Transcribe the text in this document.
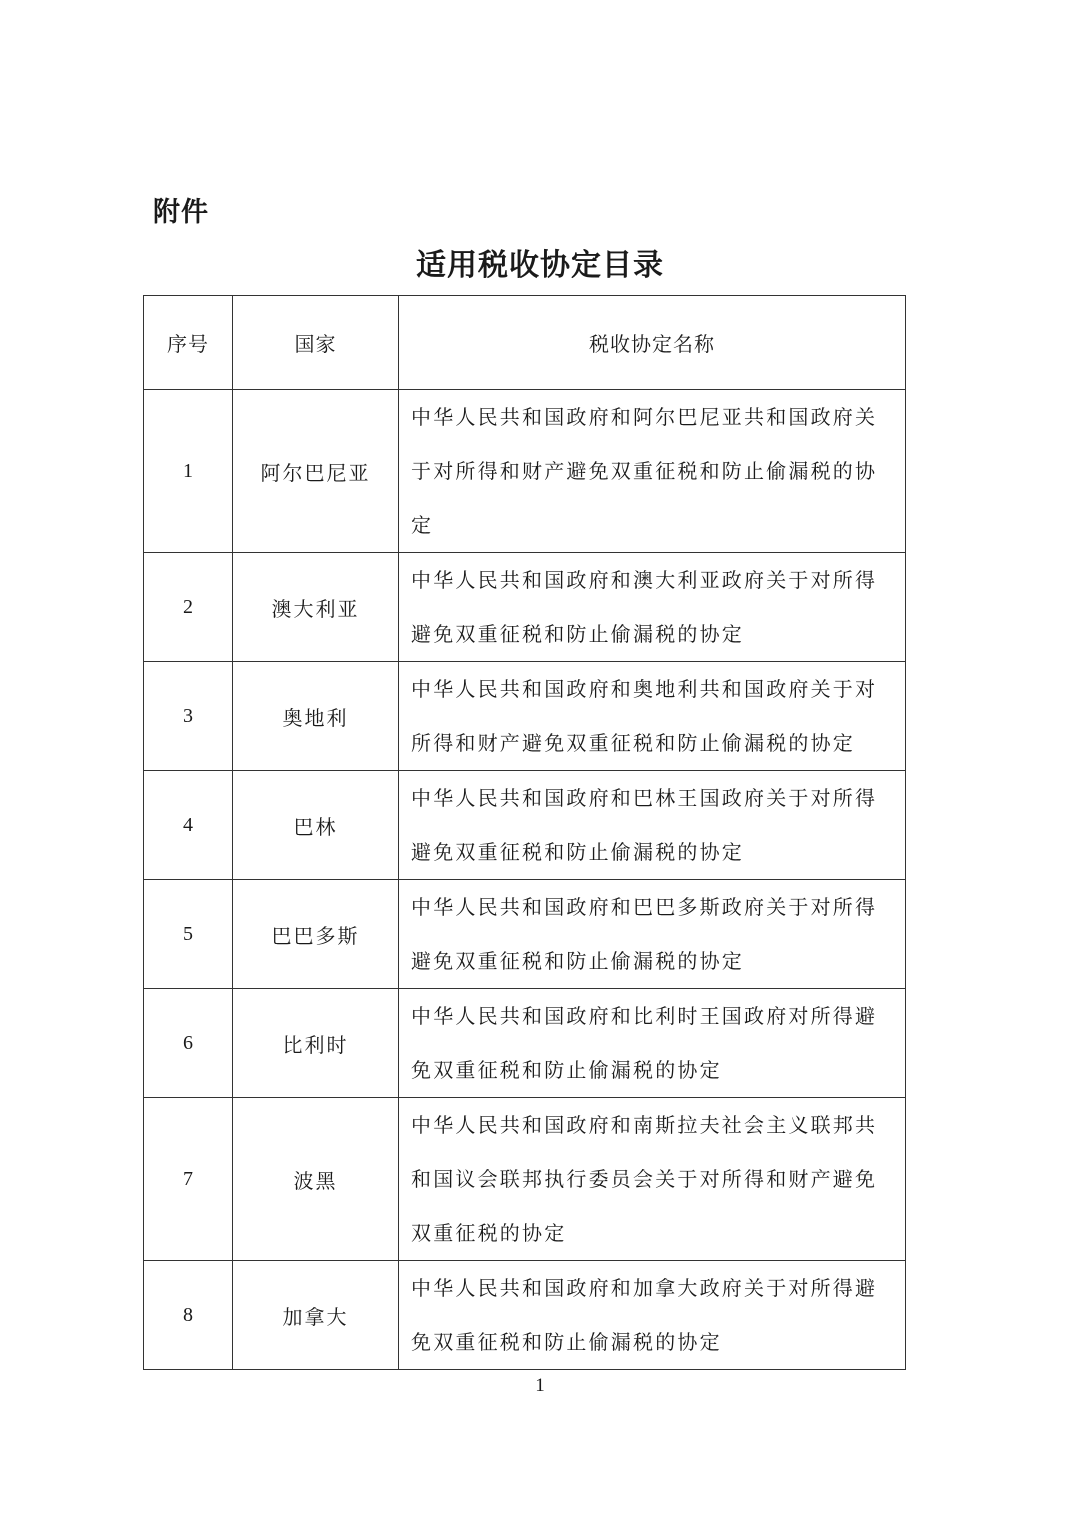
附件
适用税收协定目录
序号	国家	税收协定名称
1	阿尔巴尼亚	中华人民共和国政府和阿尔巴尼亚共和国政府关于对所得和财产避免双重征税和防止偷漏税的协定
2	澳大利亚	中华人民共和国政府和澳大利亚政府关于对所得避免双重征税和防止偷漏税的协定
3	奥地利	中华人民共和国政府和奥地利共和国政府关于对所得和财产避免双重征税和防止偷漏税的协定
4	巴林	中华人民共和国政府和巴林王国政府关于对所得避免双重征税和防止偷漏税的协定
5	巴巴多斯	中华人民共和国政府和巴巴多斯政府关于对所得避免双重征税和防止偷漏税的协定
6	比利时	中华人民共和国政府和比利时王国政府对所得避免双重征税和防止偷漏税的协定
7	波黑	中华人民共和国政府和南斯拉夫社会主义联邦共和国议会联邦执行委员会关于对所得和财产避免双重征税的协定
8	加拿大	中华人民共和国政府和加拿大政府关于对所得避免双重征税和防止偷漏税的协定
1
